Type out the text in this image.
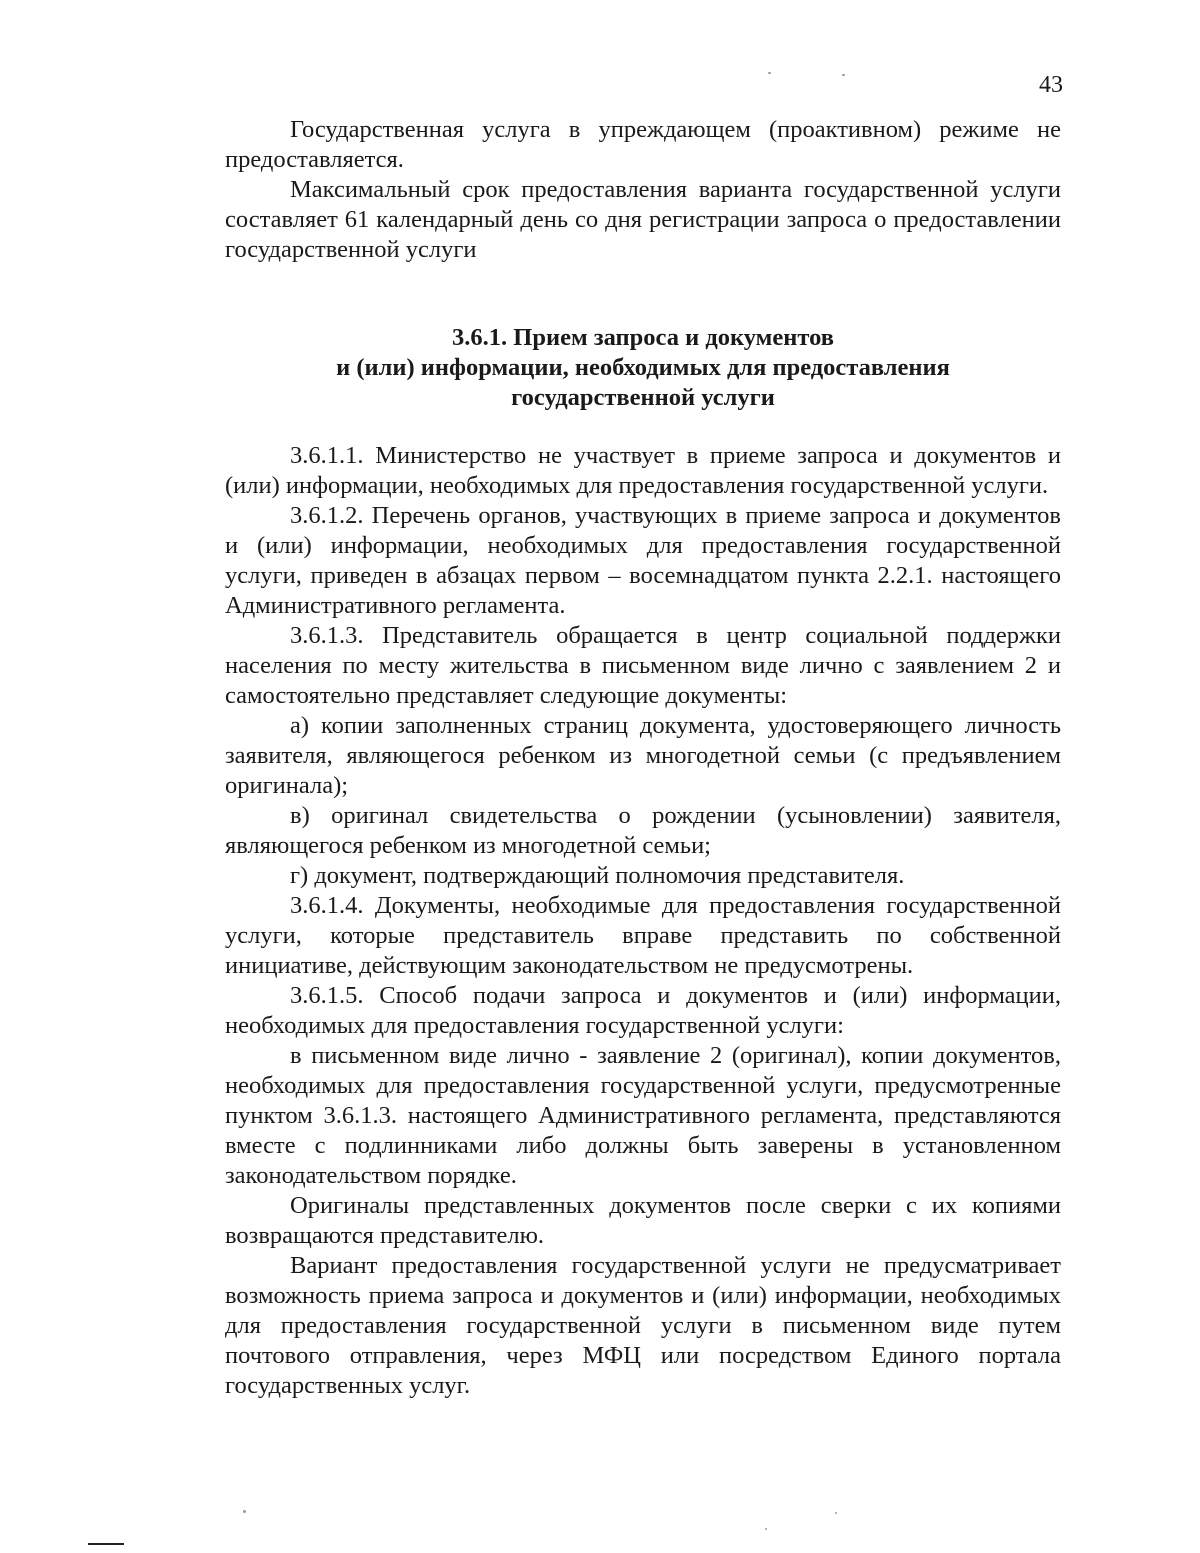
43

Государственная услуга в упреждающем (проактивном) режиме не предоставляется.

Максимальный срок предоставления варианта государственной услуги составляет 61 календарный день со дня регистрации запроса о предоставлении государственной услуги

3.6.1. Прием запроса и документов
и (или) информации, необходимых для предоставления
государственной услуги

3.6.1.1. Министерство не участвует в приеме запроса и документов и (или) информации, необходимых для предоставления государственной услуги.

3.6.1.2. Перечень органов, участвующих в приеме запроса и документов и (или) информации, необходимых для предоставления государственной услуги, приведен в абзацах первом – восемнадцатом пункта 2.2.1. настоящего Административного регламента.

3.6.1.3. Представитель обращается в центр социальной поддержки населения по месту жительства в письменном виде лично с заявлением 2 и самостоятельно представляет следующие документы:

а) копии заполненных страниц документа, удостоверяющего личность заявителя, являющегося ребенком из многодетной семьи (с предъявлением оригинала);

в) оригинал свидетельства о рождении (усыновлении) заявителя, являющегося ребенком из многодетной семьи;

г) документ, подтверждающий полномочия представителя.

3.6.1.4. Документы, необходимые для предоставления государственной услуги, которые представитель вправе представить по собственной инициативе, действующим законодательством не предусмотрены.

3.6.1.5. Способ подачи запроса и документов и (или) информации, необходимых для предоставления государственной услуги:

в письменном виде лично - заявление 2 (оригинал), копии документов, необходимых для предоставления государственной услуги, предусмотренные пунктом 3.6.1.3. настоящего Административного регламента, представляются вместе с подлинниками либо должны быть заверены в установленном законодательством порядке.

Оригиналы представленных документов после сверки с их копиями возвращаются представителю.

Вариант предоставления государственной услуги не предусматривает возможность приема запроса и документов и (или) информации, необходимых для предоставления государственной услуги в письменном виде путем почтового отправления, через МФЦ или посредством Единого портала государственных услуг.
